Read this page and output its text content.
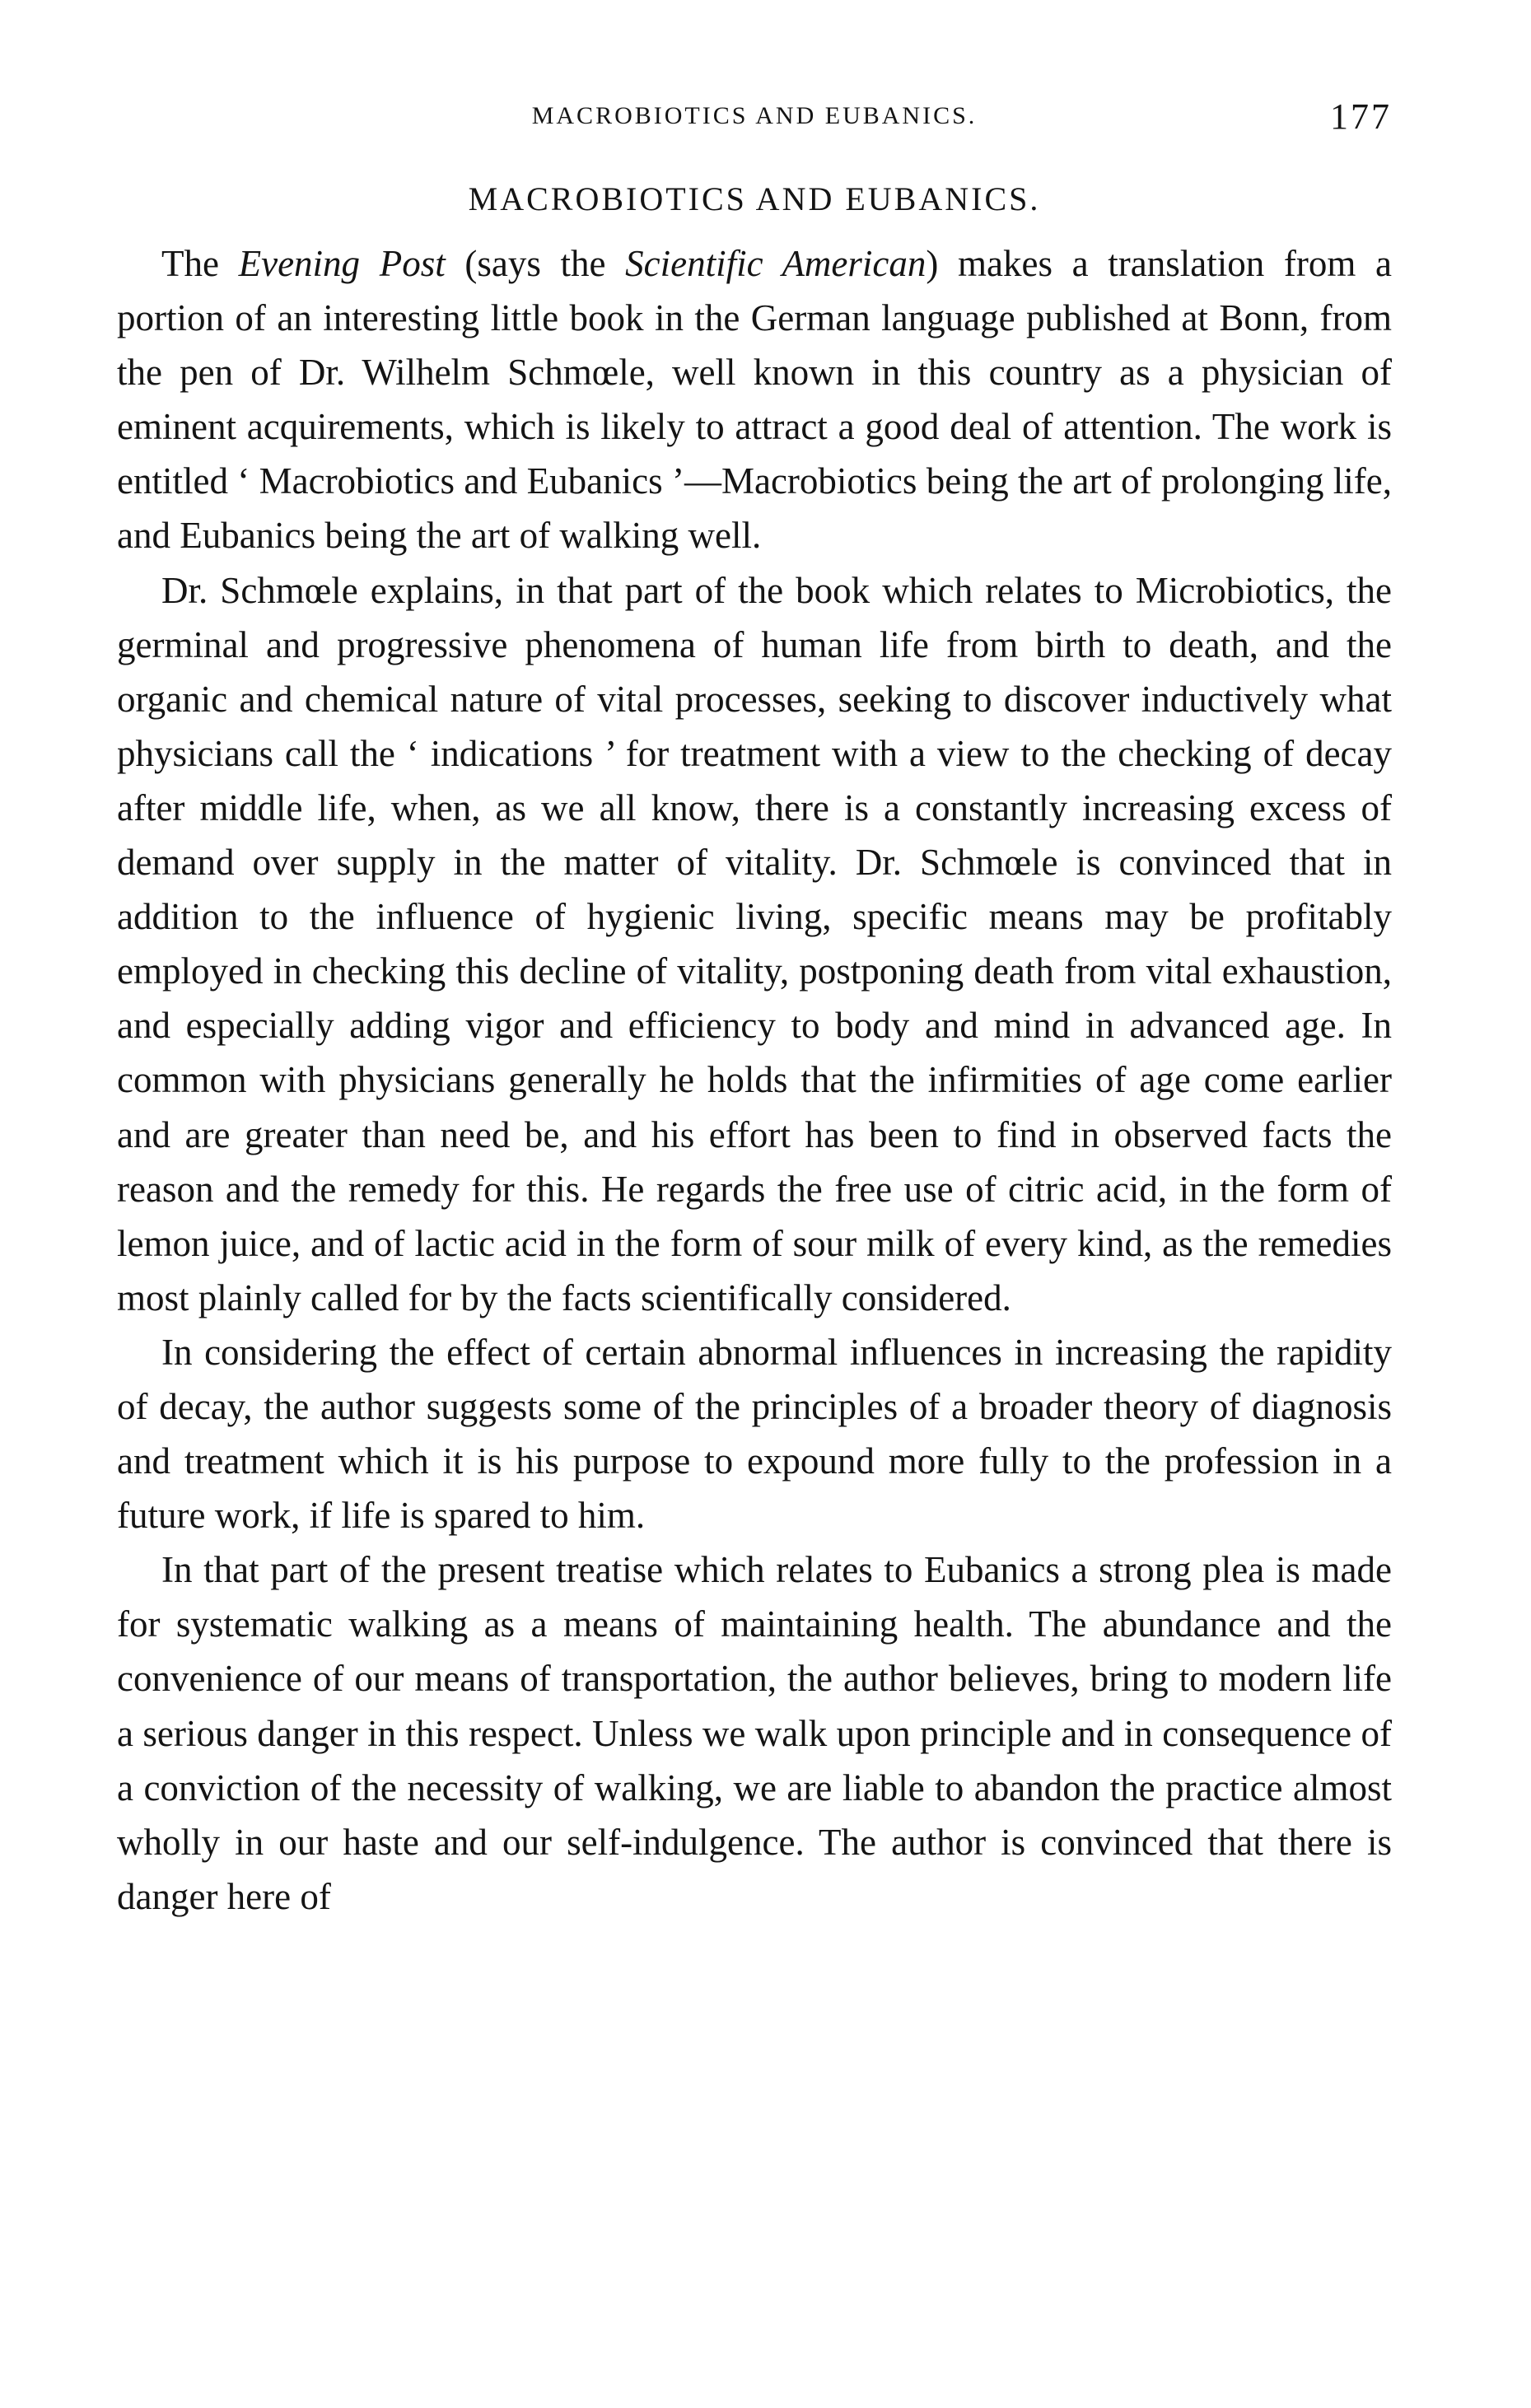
MACROBIOTICS AND EUBANICS.	177
MACROBIOTICS AND EUBANICS.

The Evening Post (says the Scientific American) makes a translation from a portion of an interesting little book in the German language published at Bonn, from the pen of Dr. Wilhelm Schmœle, well known in this country as a physician of eminent acquirements, which is likely to attract a good deal of attention. The work is entitled ‘ Macrobiotics and Eubanics ’—Macrobiotics being the art of prolonging life, and Eubanics being the art of walking well.

Dr. Schmœle explains, in that part of the book which relates to Microbiotics, the germinal and progressive phenomena of human life from birth to death, and the organic and chemical nature of vital processes, seeking to discover inductively what physicians call the ‘ indications ’ for treatment with a view to the checking of decay after middle life, when, as we all know, there is a constantly increasing excess of demand over supply in the matter of vitality. Dr. Schmœle is convinced that in addition to the influence of hygienic living, specific means may be profitably employed in checking this decline of vitality, postponing death from vital exhaustion, and especially adding vigor and efficiency to body and mind in advanced age. In common with physicians generally he holds that the infirmities of age come earlier and are greater than need be, and his effort has been to find in observed facts the reason and the remedy for this. He regards the free use of citric acid, in the form of lemon juice, and of lactic acid in the form of sour milk of every kind, as the remedies most plainly called for by the facts scientifically considered.

In considering the effect of certain abnormal influences in increasing the rapidity of decay, the author suggests some of the principles of a broader theory of diagnosis and treatment which it is his purpose to expound more fully to the profession in a future work, if life is spared to him.

In that part of the present treatise which relates to Eubanics a strong plea is made for systematic walking as a means of maintaining health. The abundance and the convenience of our means of transportation, the author believes, bring to modern life a serious danger in this respect. Unless we walk upon principle and in consequence of a conviction of the necessity of walking, we are liable to abandon the practice almost wholly in our haste and our self-indulgence. The author is convinced that there is danger here of
